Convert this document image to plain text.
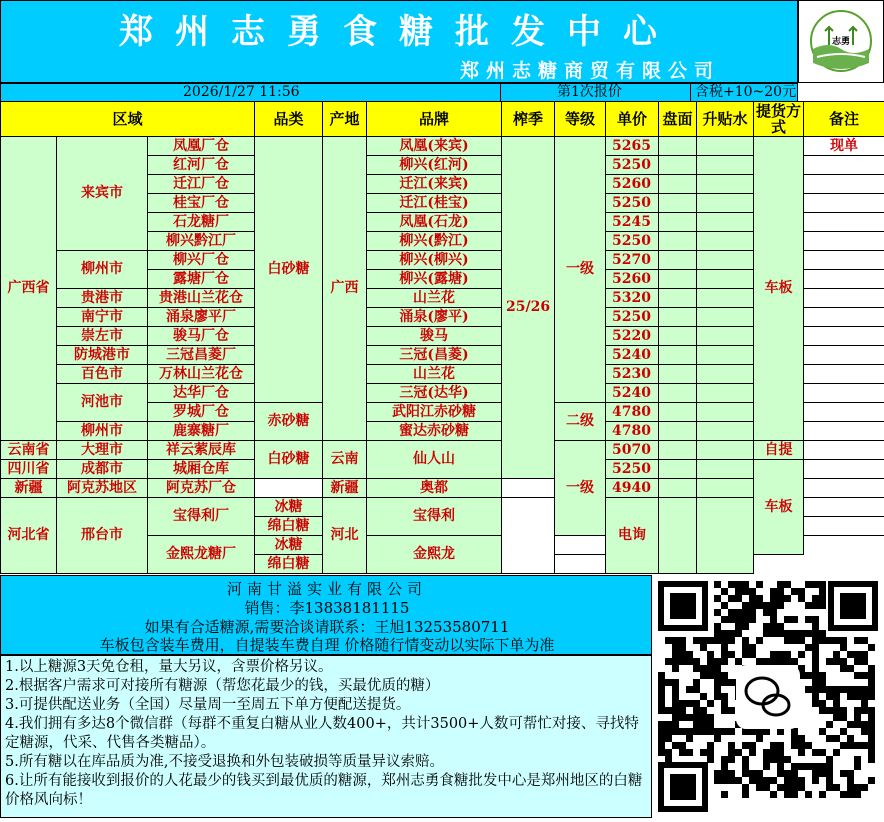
郑州志勇食糖批发中心
郑州志糖商贸有限公司
志勇
2026/1/27 11:56	第1次报价	含税+10~20元
区域			品类	产地	品牌	榨季	等级	单价	盘面	升贴水	提货方式	备注
广西省	来宾市	凤凰厂仓	白砂糖	广西	凤凰(来宾)	25/26	一级	5265			车板	现单
		红河厂仓			柳兴(红河)			5250				
		迁江厂仓			迁江(来宾)			5260				
		桂宝厂仓			迁江(桂宝)			5250				
		石龙糖厂			凤凰(石龙)			5245				
		柳兴黔江厂			柳兴(黔江)			5250				
	柳州市	柳兴厂仓			柳兴(柳兴)			5270				
		露塘厂仓			柳兴(露塘)			5260				
	贵港市	贵港山兰花仓			山兰花			5320				
	南宁市	涌泉廖平厂			涌泉(廖平)			5250				
	崇左市	骏马厂仓			骏马			5220				
	防城港市	三冠昌菱厂			三冠(昌菱)			5240				
	百色市	万林山兰花仓			山兰花			5230				
	河池市	达华厂仓			三冠(达华)			5240				
		罗城厂仓	赤砂糖		武阳江赤砂糖		二级	4780				
	柳州市	鹿寨糖厂			蜜达赤砂糖			4780				
云南省	大理市	祥云萦辰库	白砂糖	云南	仙人山		一级	5070			自提	
四川省	成都市	城厢仓库						5250			车板	
新疆	阿克苏地区	阿克苏厂仓		新疆	奥都			4940				
河北省	邢台市	宝得利厂	冰糖	河北	宝得利			电询				
			绵白糖									
		金熙龙糖厂	冰糖		金熙龙							
			绵白糖									
河南甘溢实业有限公司
销售：李13838181115
如果有合适糖源,需要洽谈请联系：王旭13253580711
车板包含装车费用，自提装车费自理 价格随行情变动以实际下单为准
1.以上糖源3天免仓租，量大另议，含票价格另议。
2.根据客户需求可对接所有糖源（帮您花最少的钱，买最优质的糖）
3.可提供配送业务（全国）尽量周一至周五下单方便配送提货。
4.我们拥有多达8个微信群（每群不重复白糖从业人数400+，共计3500+人数可帮忙对接、寻找特定糖源，代采、代售各类糖品）。
5.所有糖以在库品质为准,不接受退换和外包装破损等质量异议索赔。
6.让所有能接收到报价的人花最少的钱买到最优质的糖源，郑州志勇食糖批发中心是郑州地区的白糖价格风向标！
